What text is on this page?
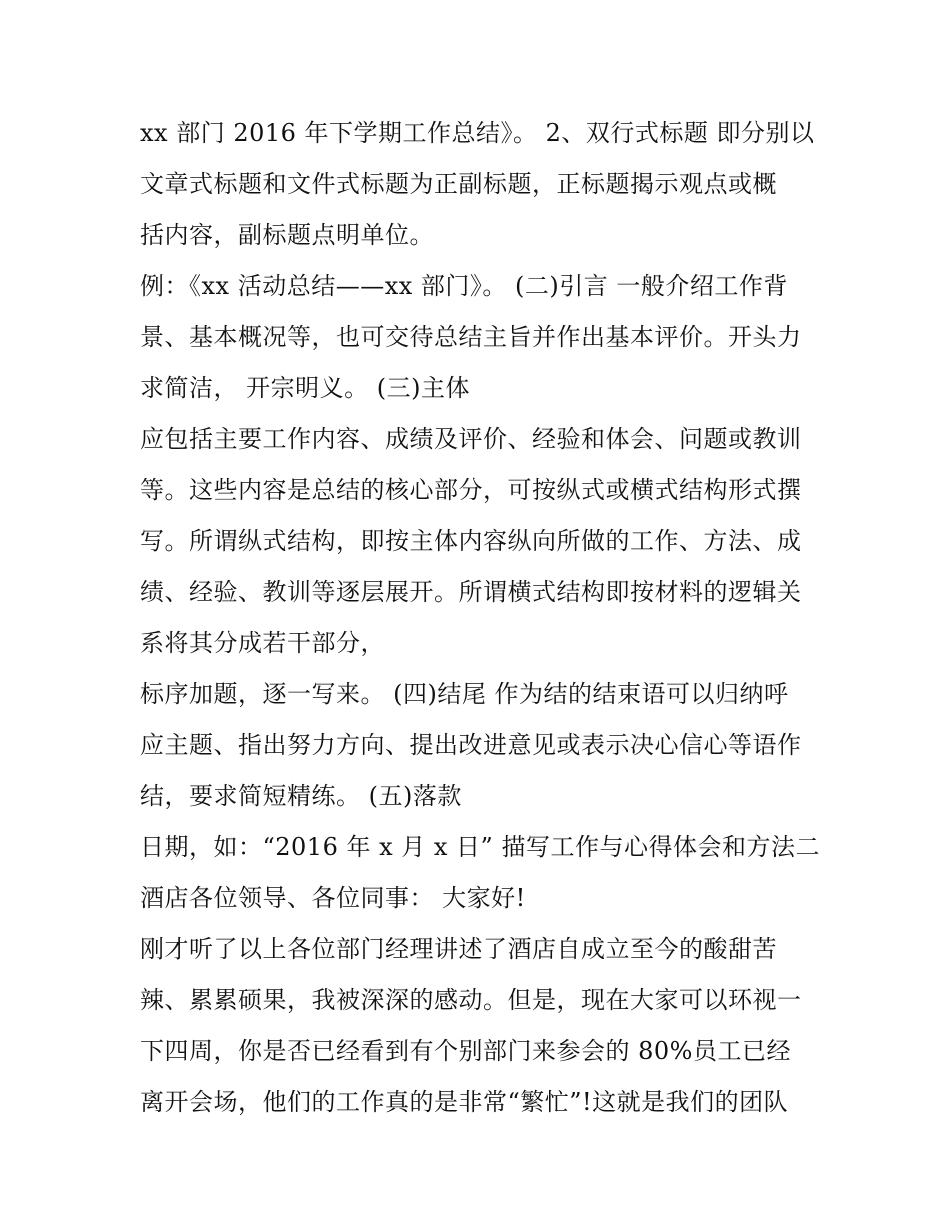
xx 部门 2016 年下学期工作总结》。 2、双行式标题 即分别以
文章式标题和文件式标题为正副标题，正标题揭示观点或概
括内容，副标题点明单位。
例：《xx 活动总结——xx 部门》。 (二)引言 一般介绍工作背
景、基本概况等，也可交待总结主旨并作出基本评价。开头力
求简洁， 开宗明义。 (三)主体
应包括主要工作内容、成绩及评价、经验和体会、问题或教训
等。这些内容是总结的核心部分，可按纵式或横式结构形式撰
写。所谓纵式结构，即按主体内容纵向所做的工作、方法、成
绩、经验、教训等逐层展开。所谓横式结构即按材料的逻辑关
系将其分成若干部分，
标序加题，逐一写来。 (四)结尾 作为结的结束语可以归纳呼
应主题、指出努力方向、提出改进意见或表示决心信心等语作
结，要求简短精练。 (五)落款
日期，如：“2016 年 x 月 x 日” 描写工作与心得体会和方法二
酒店各位领导、各位同事： 大家好!
刚才听了以上各位部门经理讲述了酒店自成立至今的酸甜苦
辣、累累硕果，我被深深的感动。但是，现在大家可以环视一
下四周，你是否已经看到有个别部门来参会的 80%员工已经
离开会场，他们的工作真的是非常“繁忙”!这就是我们的团队
